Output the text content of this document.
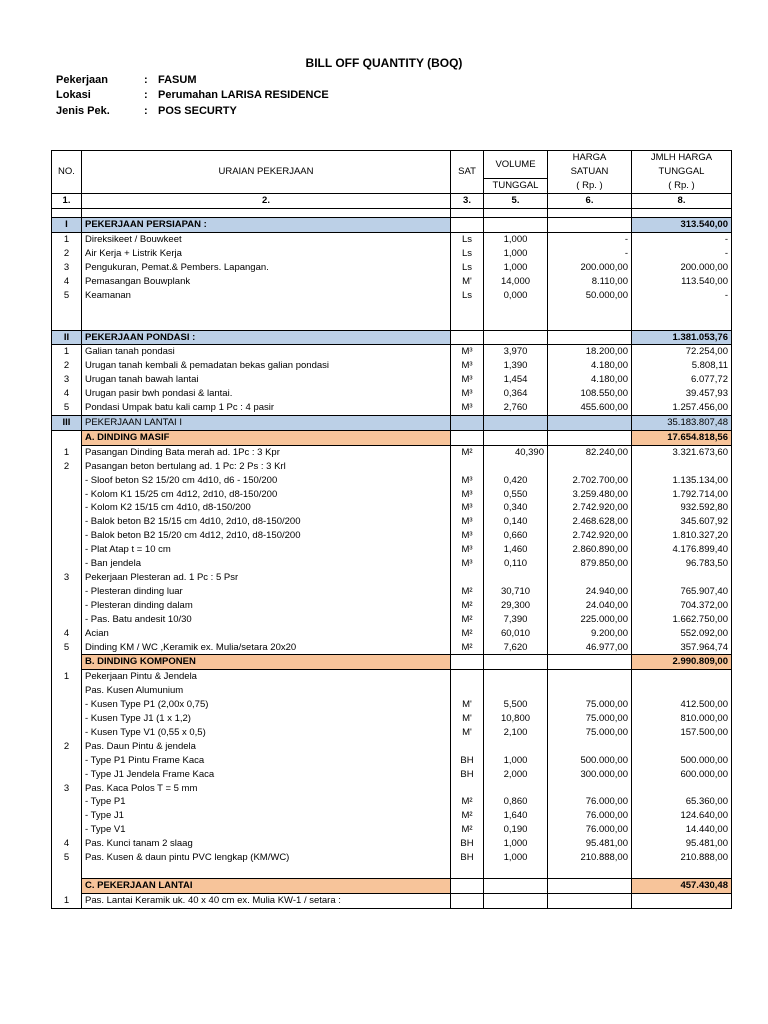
BILL OFF QUANTITY (BOQ)
Pekerjaan	: FASUM
Lokasi	: Perumahan LARISA RESIDENCE
Jenis Pek.	: POS SECURTY
NO.	URAIAN PEKERJAAN	SAT	VOLUME	HARGA	JMLH HARGA
				SATUAN	TUNGGAL
			TUNGGAL	( Rp. )	( Rp. )
1.	2.	3.	5.	6.	8.

I	PEKERJAAN PERSIAPAN :				313.540,00
1	Direksikeet / Bouwkeet	Ls	1,000	-	-
2	Air Kerja + Listrik Kerja	Ls	1,000	-	-
3	Pengukuran, Pemat.& Pembers. Lapangan.	Ls	1,000	200.000,00	200.000,00
4	Pemasangan Bouwplank	M'	14,000	8.110,00	113.540,00
5	Keamanan	Ls	0,000	50.000,00	-

II	PEKERJAAN PONDASI :				1.381.053,76
1	Galian tanah pondasi	M³	3,970	18.200,00	72.254,00
2	Urugan tanah kembali & pemadatan bekas galian pondasi	M³	1,390	4.180,00	5.808,11
3	Urugan tanah bawah lantai	M³	1,454	4.180,00	6.077,72
4	Urugan pasir bwh pondasi & lantai.	M³	0,364	108.550,00	39.457,93
5	Pondasi Umpak batu kali camp 1 Pc : 4 pasir	M³	2,760	455.600,00	1.257.456,00
III	PEKERJAAN LANTAI I				35.183.807,48
	A. DINDING MASIF				17.654.818,56
1	Pasangan Dinding Bata merah ad. 1Pc : 3 Kpr	M²	40,390	82.240,00	3.321.673,60
2	Pasangan beton bertulang ad. 1 Pc: 2 Ps : 3 Krl				
	- Sloof beton S2 15/20 cm 4d10, d6 - 150/200	M³	0,420	2.702.700,00	1.135.134,00
	- Kolom K1 15/25 cm 4d12, 2d10, d8-150/200	M³	0,550	3.259.480,00	1.792.714,00
	- Kolom K2 15/15 cm 4d10, d8-150/200	M³	0,340	2.742.920,00	932.592,80
	- Balok beton B2 15/15 cm 4d10, 2d10, d8-150/200	M³	0,140	2.468.628,00	345.607,92
	- Balok beton B2 15/20 cm 4d12, 2d10, d8-150/200	M³	0,660	2.742.920,00	1.810.327,20
	- Plat Atap t = 10 cm	M³	1,460	2.860.890,00	4.176.899,40
	- Ban jendela	M³	0,110	879.850,00	96.783,50
3	Pekerjaan Plesteran ad. 1 Pc : 5 Psr				
	- Plesteran dinding luar	M²	30,710	24.940,00	765.907,40
	- Plesteran dinding dalam	M²	29,300	24.040,00	704.372,00
	- Pas. Batu andesit 10/30	M²	7,390	225.000,00	1.662.750,00
4	Acian	M²	60,010	9.200,00	552.092,00
5	Dinding KM / WC ,Keramik ex. Mulia/setara 20x20	M²	7,620	46.977,00	357.964,74
	B. DINDING KOMPONEN				2.990.809,00
1	Pekerjaan Pintu & Jendela				
	Pas. Kusen Alumunium				
	- Kusen Type P1 (2,00x 0,75)	M'	5,500	75.000,00	412.500,00
	- Kusen Type J1 (1 x 1,2)	M'	10,800	75.000,00	810.000,00
	- Kusen Type V1 (0,55 x 0,5)	M'	2,100	75.000,00	157.500,00
2	Pas. Daun Pintu & jendela				
	- Type P1 Pintu Frame Kaca	BH	1,000	500.000,00	500.000,00
	- Type J1 Jendela Frame Kaca	BH	2,000	300.000,00	600.000,00
3	Pas. Kaca Polos T = 5 mm				
	- Type P1	M²	0,860	76.000,00	65.360,00
	- Type J1	M²	1,640	76.000,00	124.640,00
	- Type V1	M²	0,190	76.000,00	14.440,00
4	Pas. Kunci tanam 2 slaag	BH	1,000	95.481,00	95.481,00
5	Pas. Kusen & daun pintu PVC lengkap (KM/WC)	BH	1,000	210.888,00	210.888,00

	C. PEKERJAAN LANTAI				457.430,48
1	Pas. Lantai Keramik uk. 40 x 40 cm ex. Mulia KW-1 / setara :				
